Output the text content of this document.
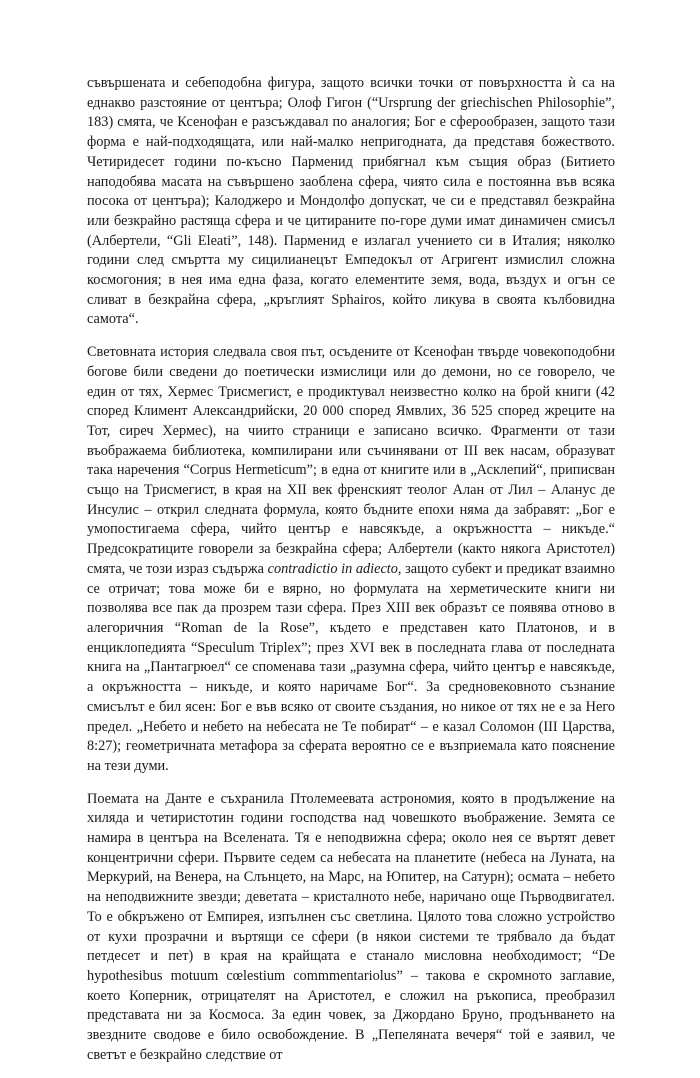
съвършената и себеподобна фигура, защото всички точки от повърхността ѝ са на еднакво разстояние от центъра; Олоф Гигон (“Ursprung der griechischen Philosophie”, 183) смята, че Ксенофан е разсъждавал по аналогия; Бог е сферообразен, защото тази форма е най-подходящата, или най-малко непригодната, да представя божеството. Четиридесет години по-късно Парменид прибягнал към същия образ (Битието наподобява масата на съвършено заоблена сфера, чиято сила е постоянна във всяка посока от центъра); Калоджеро и Мондолфо допускат, че си е представял безкрайна или безкрайно растяща сфера и че цитираните по-горе думи имат динамичен смисъл (Албертели, “Gli Eleati”, 148). Парменид е излагал учението си в Италия; няколко години след смъртта му сицилианецът Емпедокъл от Агригент измислил сложна космогония; в нея има една фаза, когато елементите земя, вода, въздух и огън се сливат в безкрайна сфера, „кръглият Sphairos, който ликува в своята кълбовидна самота“.

Световната история следвала своя път, осъдените от Ксенофан твърде човекоподобни богове били сведени до поетически измислици или до демони, но се говорело, че един от тях, Хермес Трисмегист, е продиктувал неизвестно колко на брой книги (42 според Климент Александрийски, 20 000 според Ямвлих, 36 525 според жреците на Тот, сиреч Хермес), на чиито страници е записано всичко. Фрагменти от тази въображаема библиотека, компилирани или съчинявани от III век насам, образуват така наречения “Corpus Hermeticum”; в една от книгите или в „Асклепий“, приписван също на Трисмегист, в края на XII век френският теолог Алан от Лил – Аланус де Инсулис – открил следната формула, която бъдните епохи няма да забравят: „Бог е умопостигаема сфера, чийто център е навсякъде, а окръжността – никъде.“ Предсократиците говорели за безкрайна сфера; Албертели (както някога Аристотел) смята, че този израз съдържа contradictio in adiecto, защото субект и предикат взаимно се отричат; това може би е вярно, но формулата на херметическите книги ни позволява все пак да прозрем тази сфера. През XIII век образът се появява отново в алегоричния “Roman de la Rose”, където е представен като Платонов, и в енциклопедията “Speculum Triplex”; през XVI век в последната глава от последната книга на „Пантагрюел“ се споменава тази „разумна сфера, чийто център е навсякъде, а окръжността – никъде, и която наричаме Бог“. За средновековното съзнание смисълът е бил ясен: Бог е във всяко от своите създания, но никое от тях не е за Него предел. „Небето и небето на небесата не Те побират“ – е казал Соломон (III Царства, 8:27); геометричната метафора за сферата вероятно се е възприемала като пояснение на тези думи.

Поемата на Данте е съхранила Птолемеевата астрономия, която в продължение на хиляда и четиристотин години господства над човешкото въображение. Земята се намира в центъра на Вселената. Тя е неподвижна сфера; около нея се въртят девет концентрични сфери. Първите седем са небесата на планетите (небеса на Луната, на Меркурий, на Венера, на Слънцето, на Марс, на Юпитер, на Сатурн); осмата – небето на неподвижните звезди; деветата – кристалното небе, наричано още Първодвигател. То е обкръжено от Емпирея, изпълнен със светлина. Цялото това сложно устройство от кухи прозрачни и въртящи се сфери (в някои системи те трябвало да бъдат петдесет и пет) в края на крайщата е станало мисловна необходимост; “De hypothesibus motuum cœlestium commmentariolus” – такова е скромното заглавие, което Коперник, отрицателят на Аристотел, е сложил на ръкописа, преобразил представата ни за Космоса. За един човек, за Джордано Бруно, продънването на звездните сводове е било освобождение. В „Пепеляната вечеря“ той е заявил, че светът е безкрайно следствие от
